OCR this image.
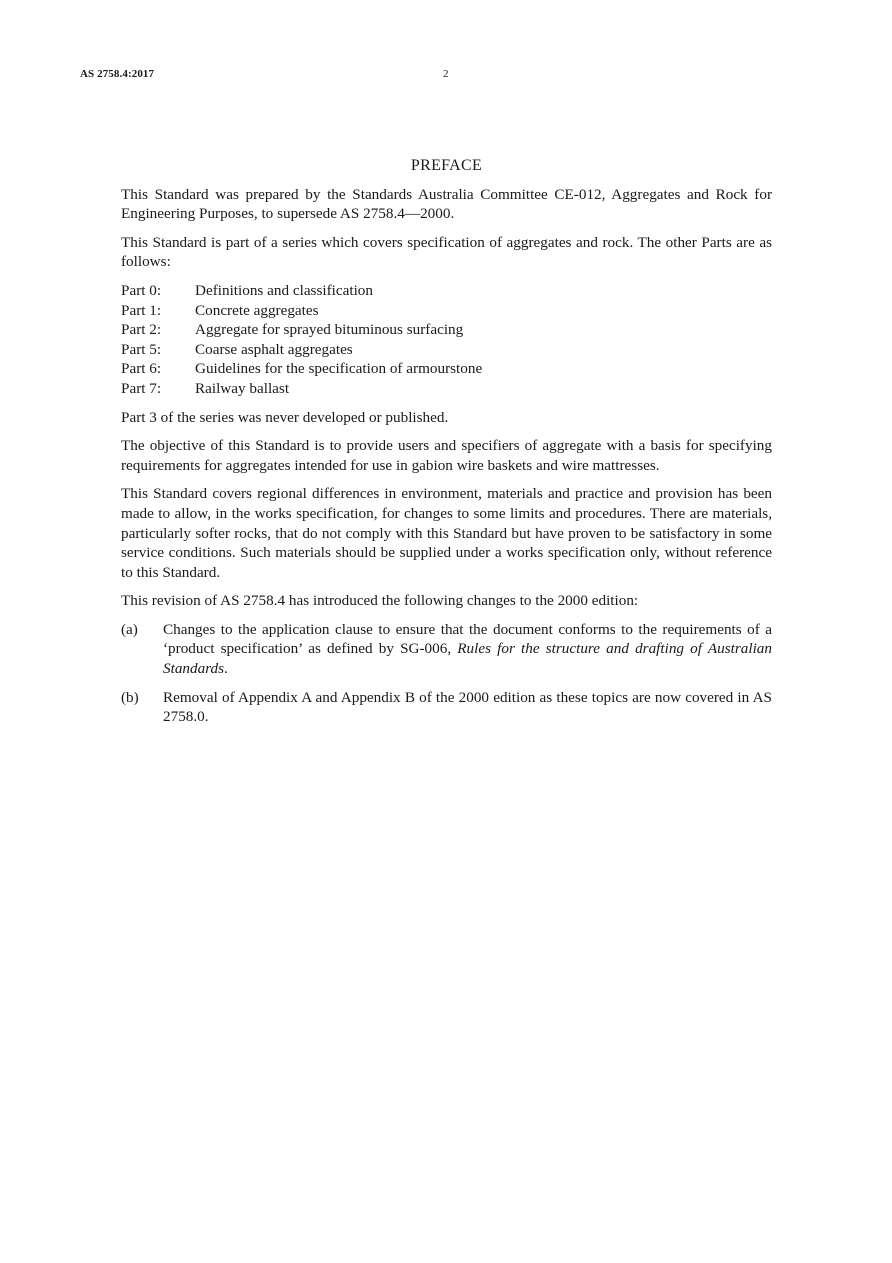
AS 2758.4:2017	2
PREFACE

This Standard was prepared by the Standards Australia Committee CE-012, Aggregates and Rock for Engineering Purposes, to supersede AS 2758.4—2000.

This Standard is part of a series which covers specification of aggregates and rock. The other Parts are as follows:

Part 0:	Definitions and classification
Part 1:	Concrete aggregates
Part 2:	Aggregate for sprayed bituminous surfacing
Part 5:	Coarse asphalt aggregates
Part 6:	Guidelines for the specification of armourstone
Part 7:	Railway ballast

Part 3 of the series was never developed or published.

The objective of this Standard is to provide users and specifiers of aggregate with a basis for specifying requirements for aggregates intended for use in gabion wire baskets and wire mattresses.

This Standard covers regional differences in environment, materials and practice and provision has been made to allow, in the works specification, for changes to some limits and procedures. There are materials, particularly softer rocks, that do not comply with this Standard but have proven to be satisfactory in some service conditions. Such materials should be supplied under a works specification only, without reference to this Standard.

This revision of AS 2758.4 has introduced the following changes to the 2000 edition:

(a)	Changes to the application clause to ensure that the document conforms to the requirements of a ‘product specification’ as defined by SG-006, Rules for the structure and drafting of Australian Standards.
(b)	Removal of Appendix A and Appendix B of the 2000 edition as these topics are now covered in AS 2758.0.
